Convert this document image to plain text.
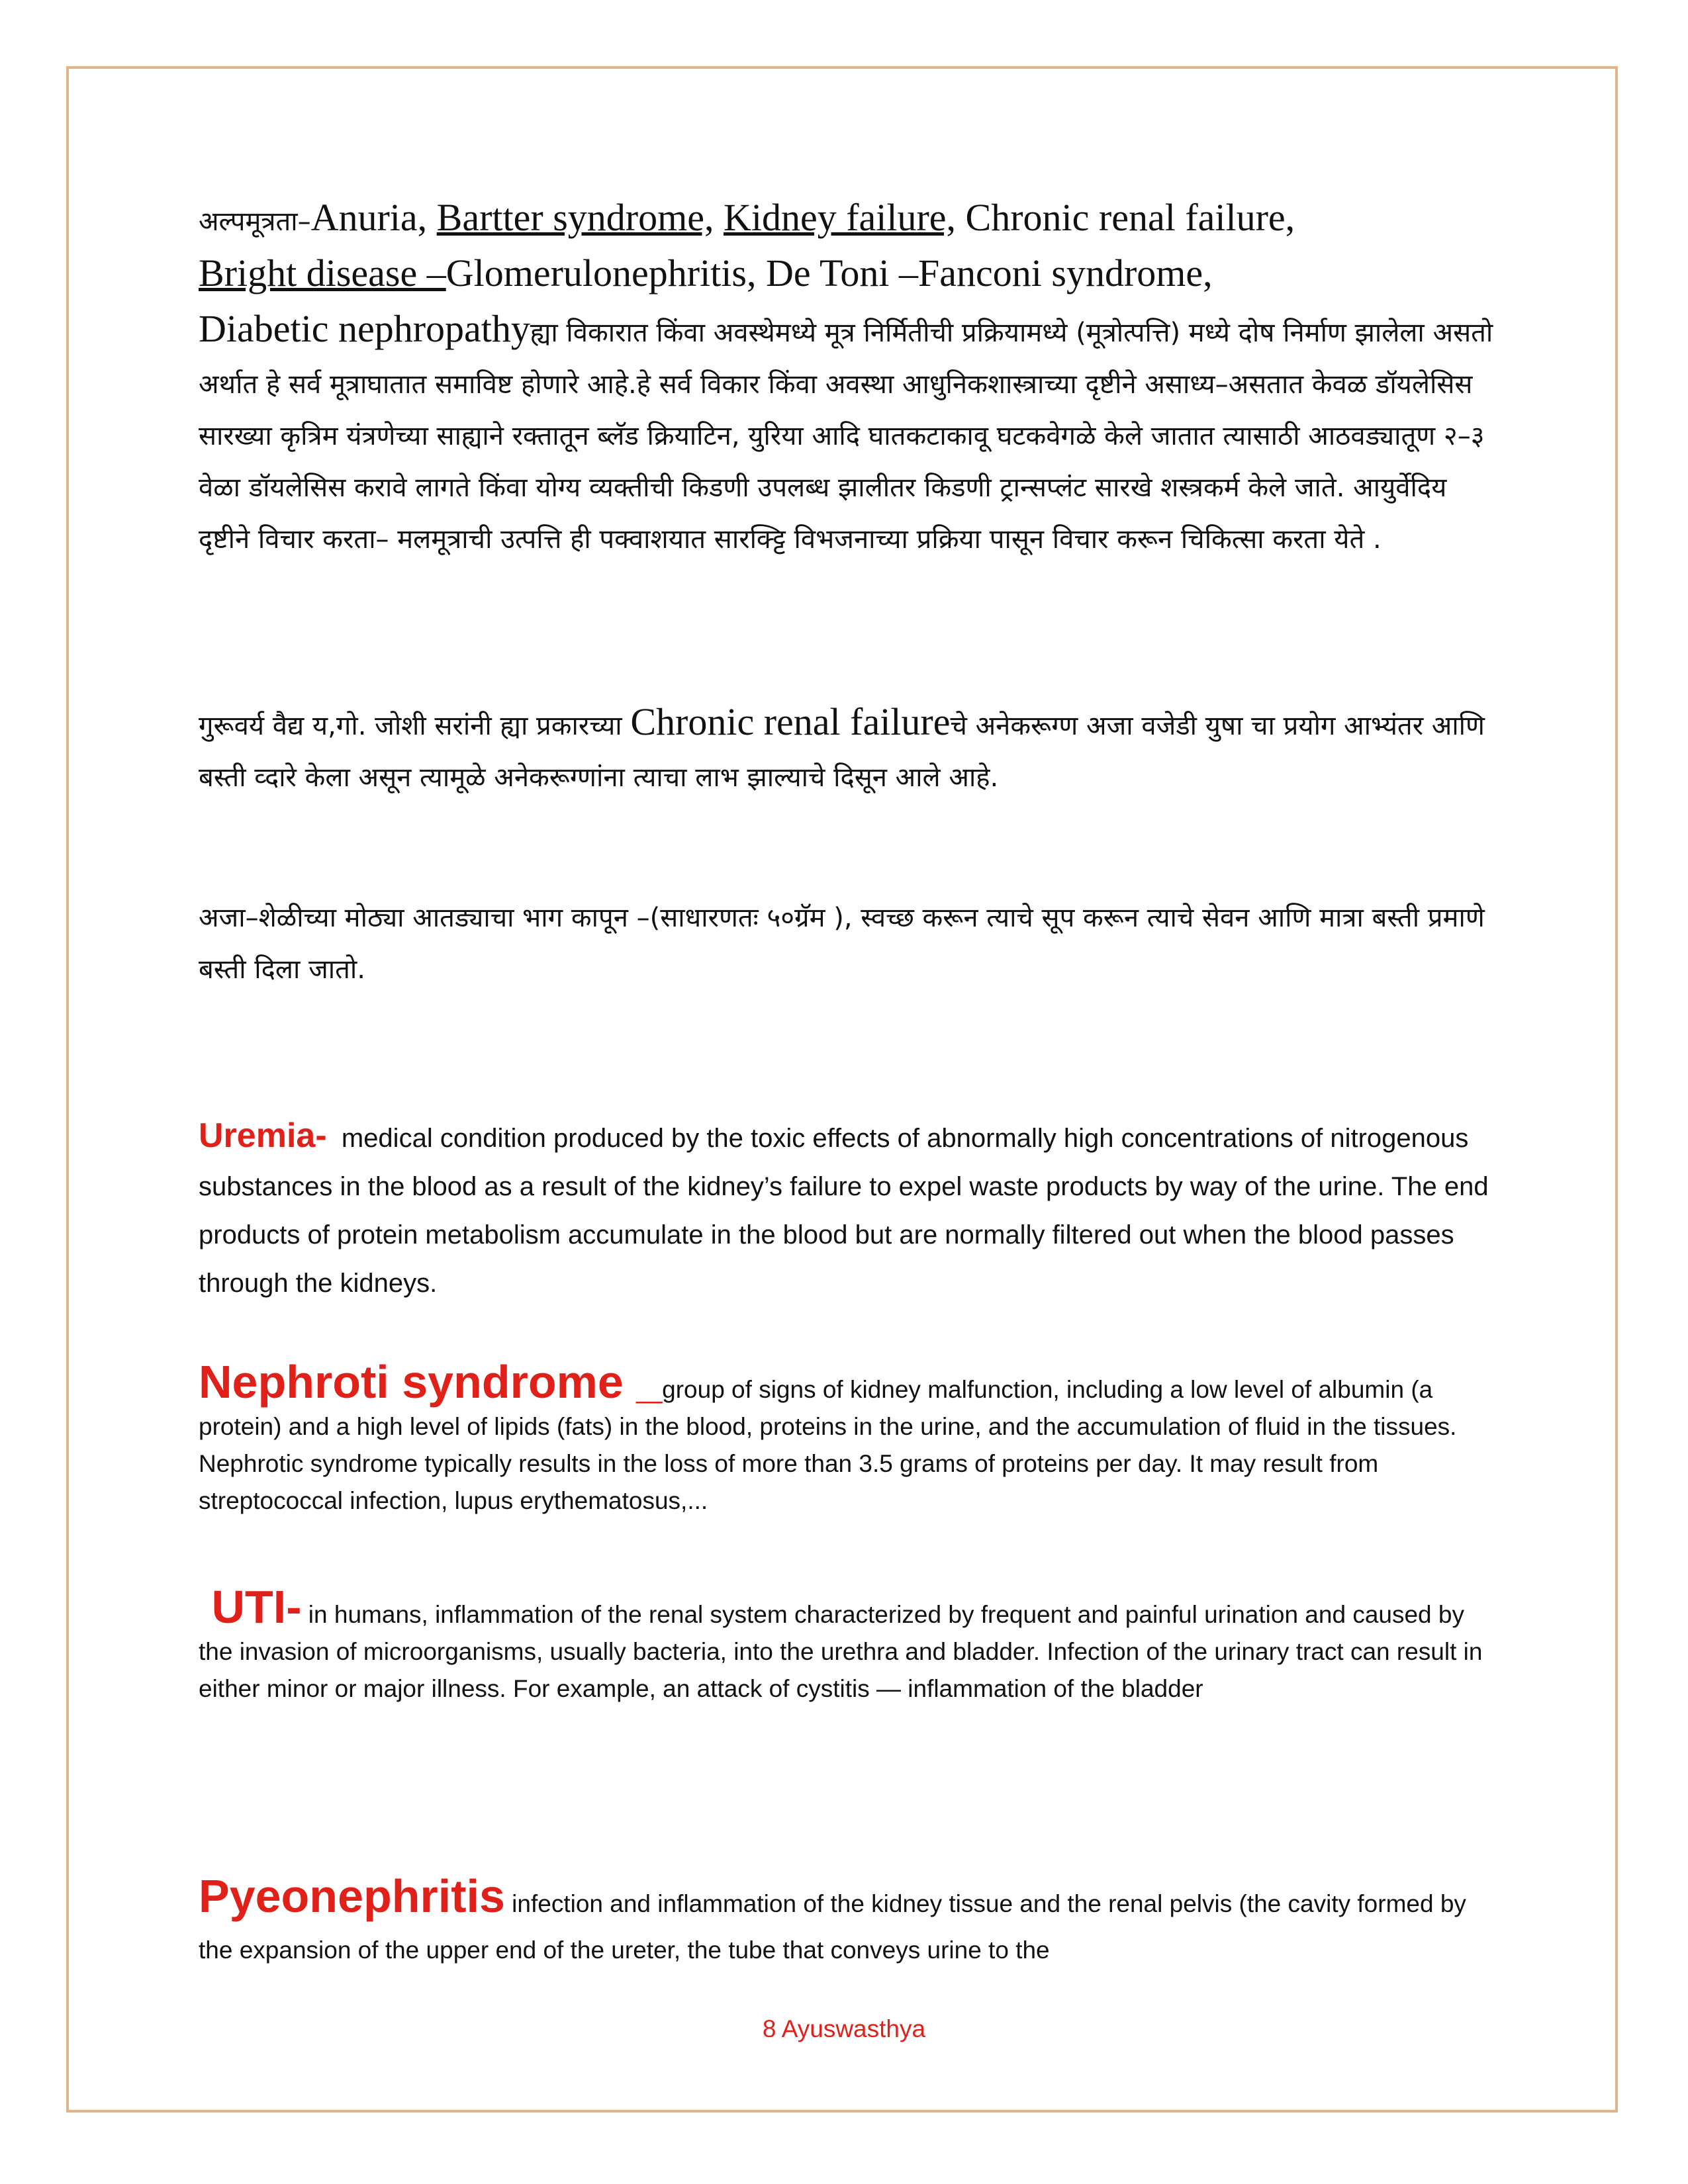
अल्पमूत्रता–Anuria, Bartter syndrome, Kidney failure, Chronic renal failure,
Bright disease –Glomerulonephritis, De Toni –Fanconi syndrome,
Diabetic nephropathyह्या विकारात किंवा अवस्थेमध्ये मूत्र निर्मितीची प्रक्रियामध्ये (मूत्रोत्पत्ति) मध्ये दोष निर्माण झालेला असतो अर्थात हे सर्व मूत्राघातात समाविष्ट होणारे आहे.हे सर्व विकार किंवा अवस्था आधुनिकशास्त्राच्या दृष्टीने असाध्य–असतात केवळ डॉयलेसिस सारख्या कृत्रिम यंत्रणेच्या साह्याने रक्तातून ब्लॅड क्रियाटिन, युरिया आदि घातकटाकावू घटकवेगळे केले जातात त्यासाठी आठवड्यातूण २–३ वेळा डॉयलेसिस करावे लागते किंवा योग्य व्यक्तीची किडणी उपलब्ध झालीतर किडणी ट्रान्सप्लंट सारखे शस्त्रकर्म केले जाते. आयुर्वेदिय दृष्टीने विचार करता– मलमूत्राची उत्पत्ति ही पक्वाशयात सारक्ट्टि विभजनाच्या प्रक्रिया पासून विचार करून चिकित्सा करता येते .

गुरूवर्य वैद्य य,गो. जोशी सरांनी ह्या प्रकारच्या Chronic renal failureचे अनेकरूग्ण अजा वजेडी युषा चा प्रयोग आभ्यंतर आणि बस्ती व्दारे केला असून त्यामूळे अनेकरूग्णांना त्याचा लाभ झाल्याचे दिसून आले आहे.

अजा–शेळीच्या मोठ्या आतड्याचा भाग कापून –(साधारणतः ५०ग्रॅम ), स्वच्छ करून त्याचे सूप करून त्याचे सेवन आणि मात्रा बस्ती प्रमाणे बस्ती दिला जातो.

Uremia-  medical condition produced by the toxic effects of abnormally high concentrations of nitrogenous substances in the blood as a result of the kidney’s failure to expel waste products by way of the urine. The end products of protein metabolism accumulate in the blood but are normally filtered out when the blood passes through the kidneys.
Nephroti syndrome _group of signs of kidney malfunction, including a low level of albumin (a protein) and a high level of lipids (fats) in the blood, proteins in the urine, and the accumulation of fluid in the tissues. Nephrotic syndrome typically results in the loss of more than 3.5 grams of proteins per day. It may result from streptococcal infection, lupus erythematosus,...
UTI- in humans, inflammation of the renal system characterized by frequent and painful urination and caused by the invasion of microorganisms, usually bacteria, into the urethra and bladder. Infection of the urinary tract can result in either minor or major illness. For example, an attack of cystitis — inflammation of the bladder
Pyeonephritis infection and inflammation of the kidney tissue and the renal pelvis (the cavity formed by the expansion of the upper end of the ureter, the tube that conveys urine to the
8 Ayuswasthya
